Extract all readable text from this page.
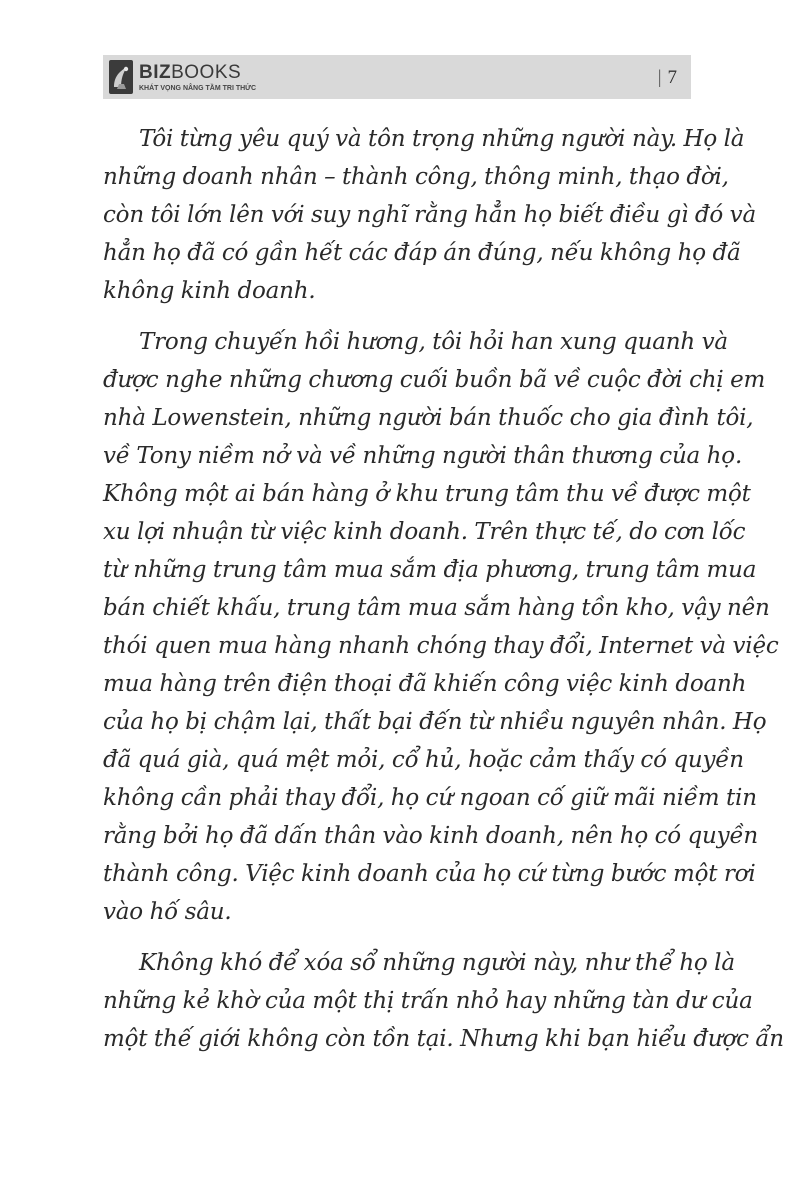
BIZBOOKS
KHÁT VỌNG NÂNG TẦM TRI THỨC
| 7
Tôi từng yêu quý và tôn trọng những người này. Họ là
những doanh nhân – thành công, thông minh, thạo đời,
còn tôi lớn lên với suy nghĩ rằng hẳn họ biết điều gì đó và
hẳn họ đã có gần hết các đáp án đúng, nếu không họ đã
không kinh doanh.
Trong chuyến hồi hương, tôi hỏi han xung quanh và
được nghe những chương cuối buồn bã về cuộc đời chị em
nhà Lowenstein, những người bán thuốc cho gia đình tôi,
về Tony niềm nở và về những người thân thương của họ.
Không một ai bán hàng ở khu trung tâm thu về được một
xu lợi nhuận từ việc kinh doanh. Trên thực tế, do cơn lốc
từ những trung tâm mua sắm địa phương, trung tâm mua
bán chiết khấu, trung tâm mua sắm hàng tồn kho, vậy nên
thói quen mua hàng nhanh chóng thay đổi, Internet và việc
mua hàng trên điện thoại đã khiến công việc kinh doanh
của họ bị chậm lại, thất bại đến từ nhiều nguyên nhân. Họ
đã quá già, quá mệt mỏi, cổ hủ, hoặc cảm thấy có quyền
không cần phải thay đổi, họ cứ ngoan cố giữ mãi niềm tin
rằng bởi họ đã dấn thân vào kinh doanh, nên họ có quyền
thành công. Việc kinh doanh của họ cứ từng bước một rơi
vào hố sâu.
Không khó để xóa sổ những người này, như thể họ là
những kẻ khờ của một thị trấn nhỏ hay những tàn dư của
một thế giới không còn tồn tại. Nhưng khi bạn hiểu được ẩn
